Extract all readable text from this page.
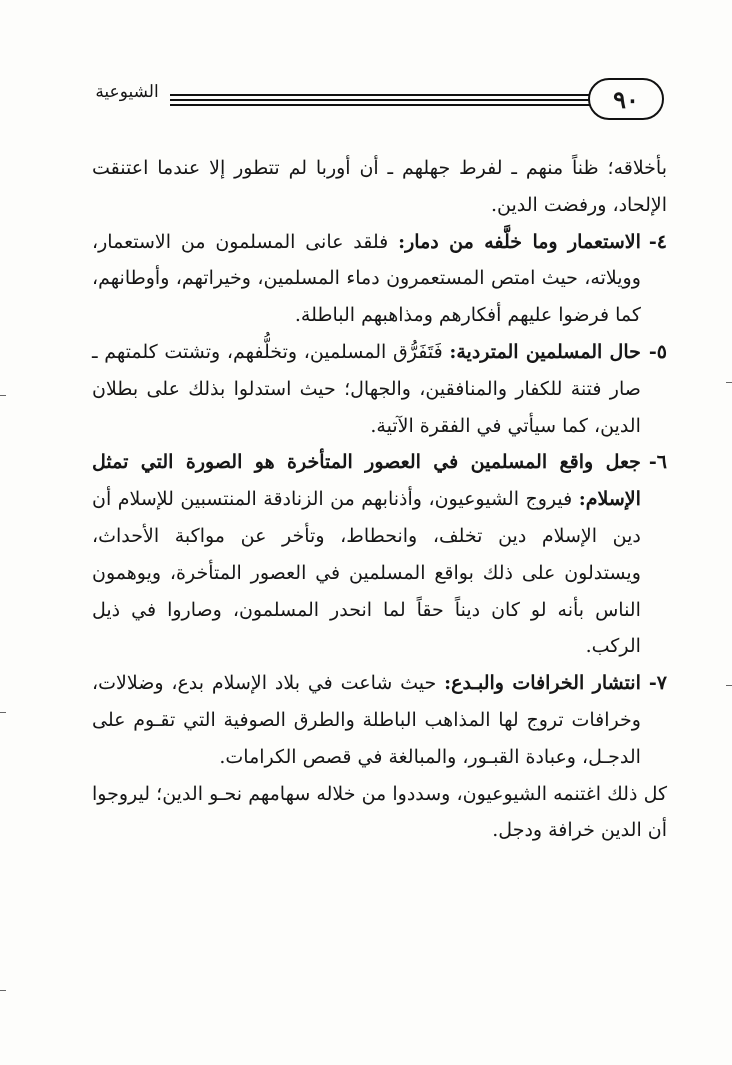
٩٠
الشيوعية

بأخلاقه؛ ظناً منهم ـ لفرط جهلهم ـ أن أوربا لم تتطور إلا عندما اعتنقت الإلحاد، ورفضت الدين.

٤-
الاستعمار وما خلَّفه من دمار: فلقد عانى المسلمون من الاستعمار، وويلاته، حيث امتص المستعمرون دماء المسلمين، وخيراتهم، وأوطانهم، كما فرضوا عليهم أفكارهم ومذاهبهم الباطلة.
٥-
حال المسلمين المتردية: فَتَفَرُّق المسلمين، وتخلُّفهم، وتشتت كلمتهم ـ صار فتنة للكفار والمنافقين، والجهال؛ حيث استدلوا بذلك على بطلان الدين، كما سيأتي في الفقرة الآتية.
٦-
جعل واقع المسلمين في العصور المتأخرة هو الصورة التي تمثل الإسلام: فيروج الشيوعيون، وأذنابهم من الزنادقة المنتسبين للإسلام أن دين الإسلام دين تخلف، وانحطاط، وتأخر عن مواكبة الأحداث، ويستدلون على ذلك بواقع المسلمين في العصور المتأخرة، ويوهمون الناس بأنه لو كان ديناً حقاً لما انحدر المسلمون، وصاروا في ذيل الركب.
٧-
انتشار الخرافات والبـدع: حيث شاعت في بلاد الإسلام بدع، وضلالات، وخرافات تروج لها المذاهب الباطلة والطرق الصوفية التي تقـوم على الدجـل، وعبادة القبـور، والمبالغة في قصص الكرامات.

كل ذلك اغتنمه الشيوعيون، وسددوا من خلاله سهامهم نحـو الدين؛ ليروجوا أن الدين خرافة ودجل.
